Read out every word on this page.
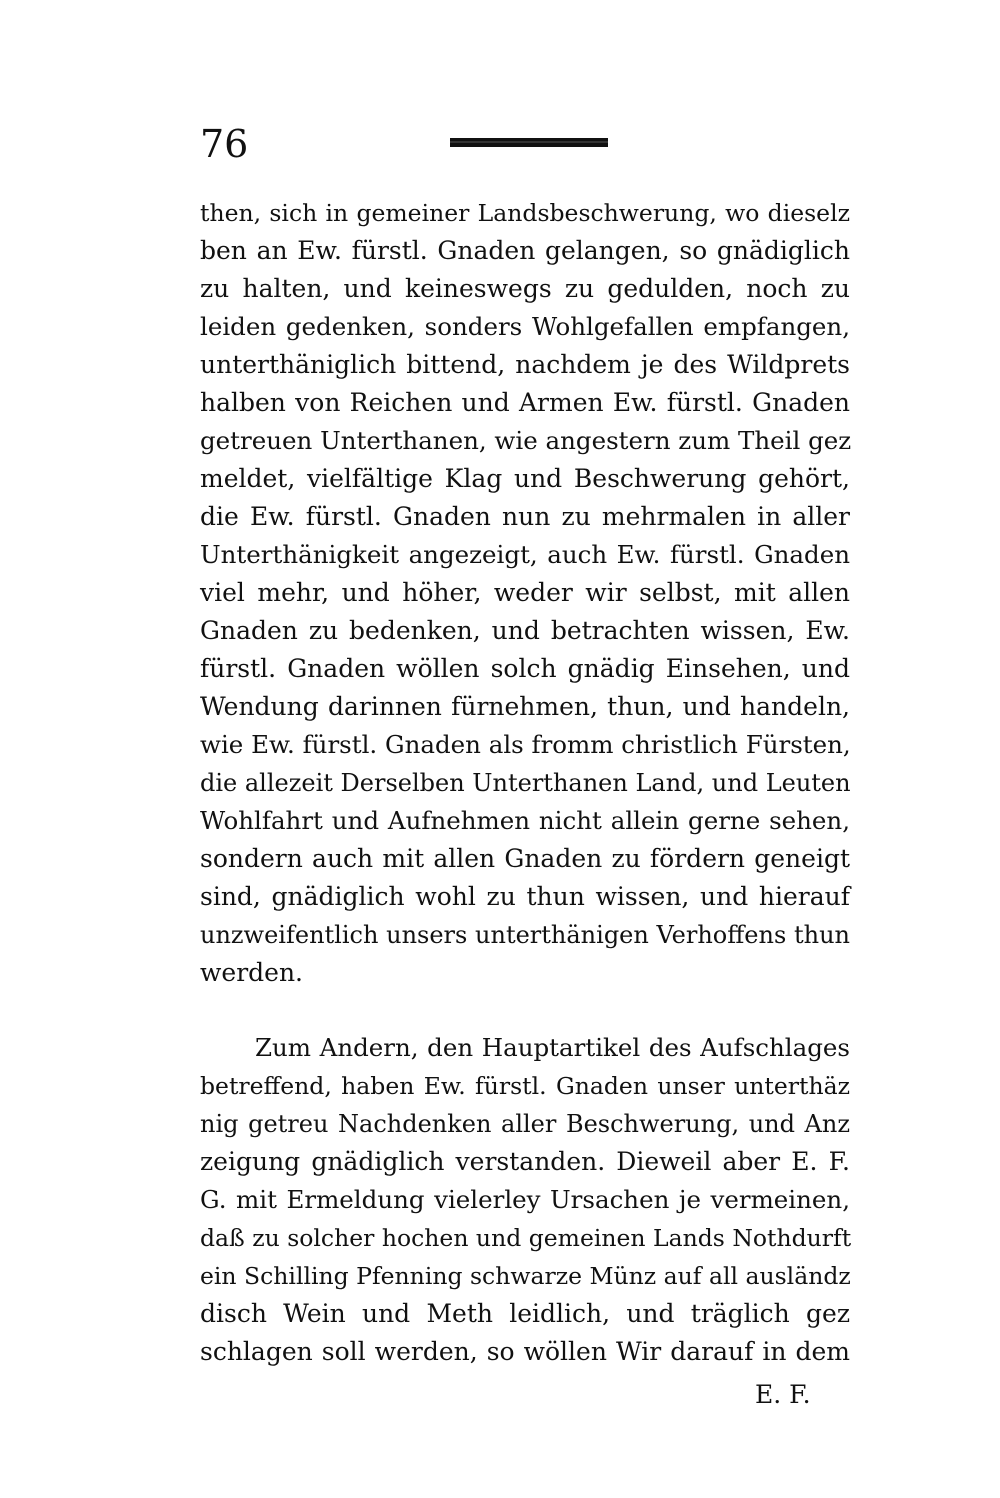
76
then, sich in gemeiner Landsbeschwerung, wo dieselz
ben an Ew. fürstl. Gnaden gelangen, so gnädiglich
zu halten, und keineswegs zu gedulden, noch zu
leiden gedenken, sonders Wohlgefallen empfangen,
unterthäniglich bittend, nachdem je des Wildprets
halben von Reichen und Armen Ew. fürstl. Gnaden
getreuen Unterthanen, wie angestern zum Theil gez
meldet, vielfältige Klag und Beschwerung gehört,
die Ew. fürstl. Gnaden nun zu mehrmalen in aller
Unterthänigkeit angezeigt, auch Ew. fürstl. Gnaden
viel mehr, und höher, weder wir selbst, mit allen
Gnaden zu bedenken, und betrachten wissen, Ew.
fürstl. Gnaden wöllen solch gnädig Einsehen, und
Wendung darinnen fürnehmen, thun, und handeln,
wie Ew. fürstl. Gnaden als fromm christlich Fürsten,
die allezeit Derselben Unterthanen Land, und Leuten
Wohlfahrt und Aufnehmen nicht allein gerne sehen,
sondern auch mit allen Gnaden zu fördern geneigt
sind, gnädiglich wohl zu thun wissen, und hierauf
unzweifentlich unsers unterthänigen Verhoffens thun
werden.
Zum Andern, den Hauptartikel des Aufschlages
betreffend, haben Ew. fürstl. Gnaden unser unterthäz
nig getreu Nachdenken aller Beschwerung, und Anz
zeigung gnädiglich verstanden. Dieweil aber E. F.
G. mit Ermeldung vielerley Ursachen je vermeinen,
daß zu solcher hochen und gemeinen Lands Nothdurft
ein Schilling Pfenning schwarze Münz auf all ausländz
disch Wein und Meth leidlich, und träglich gez
schlagen soll werden, so wöllen Wir darauf in dem
E. F.
